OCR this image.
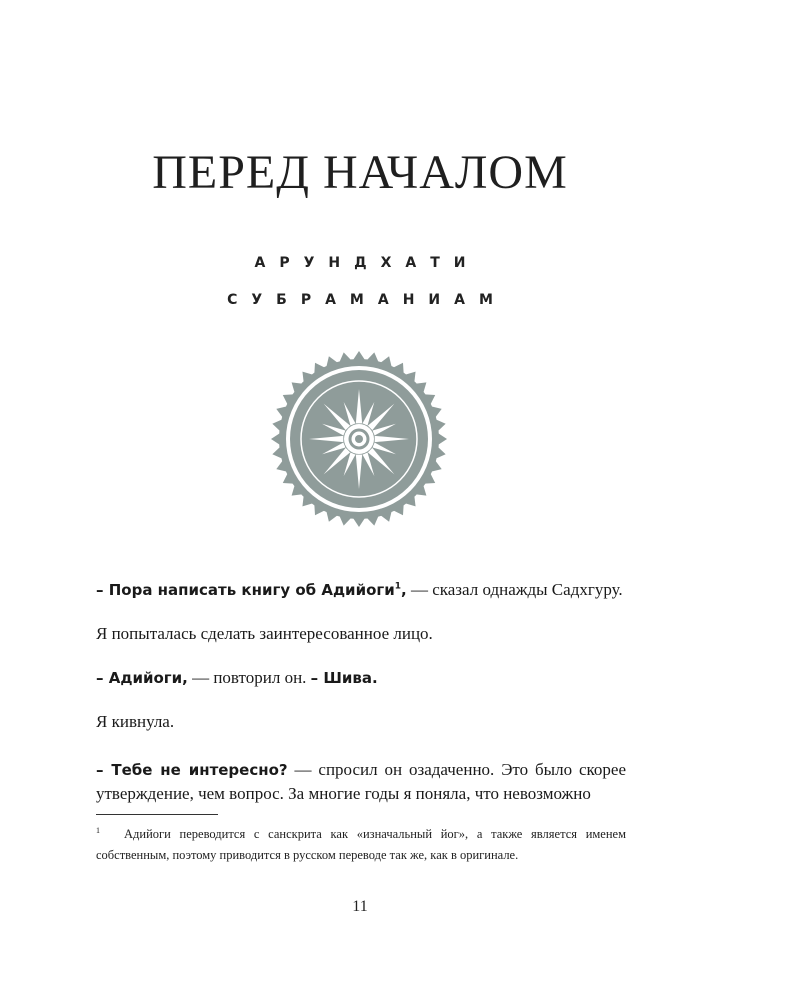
ПЕРЕД НАЧАЛОМ
АРУНДХАТИ
СУБРАМАНИАМ

– Пора написать книгу об Адийоги$^1$, — сказал однажды Садхгуру.

Я попыталась сделать заинтересованное лицо.

– Адийоги, — повторил он. – Шива.

Я кивнула.

– Тебе не интересно? — спросил он озадаченно. Это было скорее утверждение, чем вопрос. За многие годы я поняла, что невозможно

$^1$ Адийоги переводится с санскрита как «изначальный йог», а также является именем собственным, поэтому приводится в русском переводе так же, как в оригинале.
11
